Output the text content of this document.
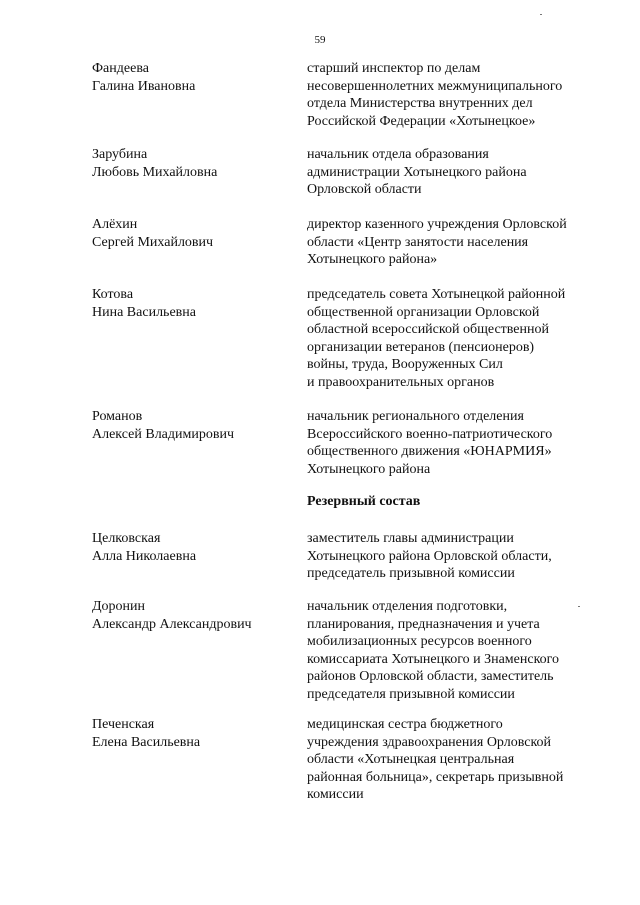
59
Фандеева
Галина Ивановна
старший инспектор по делам
несовершеннолетних межмуниципального
отдела Министерства внутренних дел
Российской Федерации «Хотынецкое»
Зарубина
Любовь Михайловна
начальник отдела образования
администрации Хотынецкого района
Орловской области
Алёхин
Сергей Михайлович
директор казенного учреждения Орловской
области «Центр занятости населения
Хотынецкого района»
Котова
Нина Васильевна
председатель совета Хотынецкой районной
общественной организации Орловской
областной всероссийской общественной
организации ветеранов (пенсионеров)
войны, труда, Вооруженных Сил
и правоохранительных органов
Романов
Алексей Владимирович
начальник регионального отделения
Всероссийского военно-патриотического
общественного движения «ЮНАРМИЯ»
Хотынецкого района
Резервный состав
Целковская
Алла Николаевна
заместитель главы администрации
Хотынецкого района Орловской области,
председатель призывной комиссии
Доронин
Александр Александрович
начальник отделения подготовки,
планирования, предназначения и учета
мобилизационных ресурсов военного
комиссариата Хотынецкого и Знаменского
районов Орловской области, заместитель
председателя призывной комиссии
Печенская
Елена Васильевна
медицинская сестра бюджетного
учреждения здравоохранения Орловской
области «Хотынецкая центральная
районная больница», секретарь призывной
комиссии
